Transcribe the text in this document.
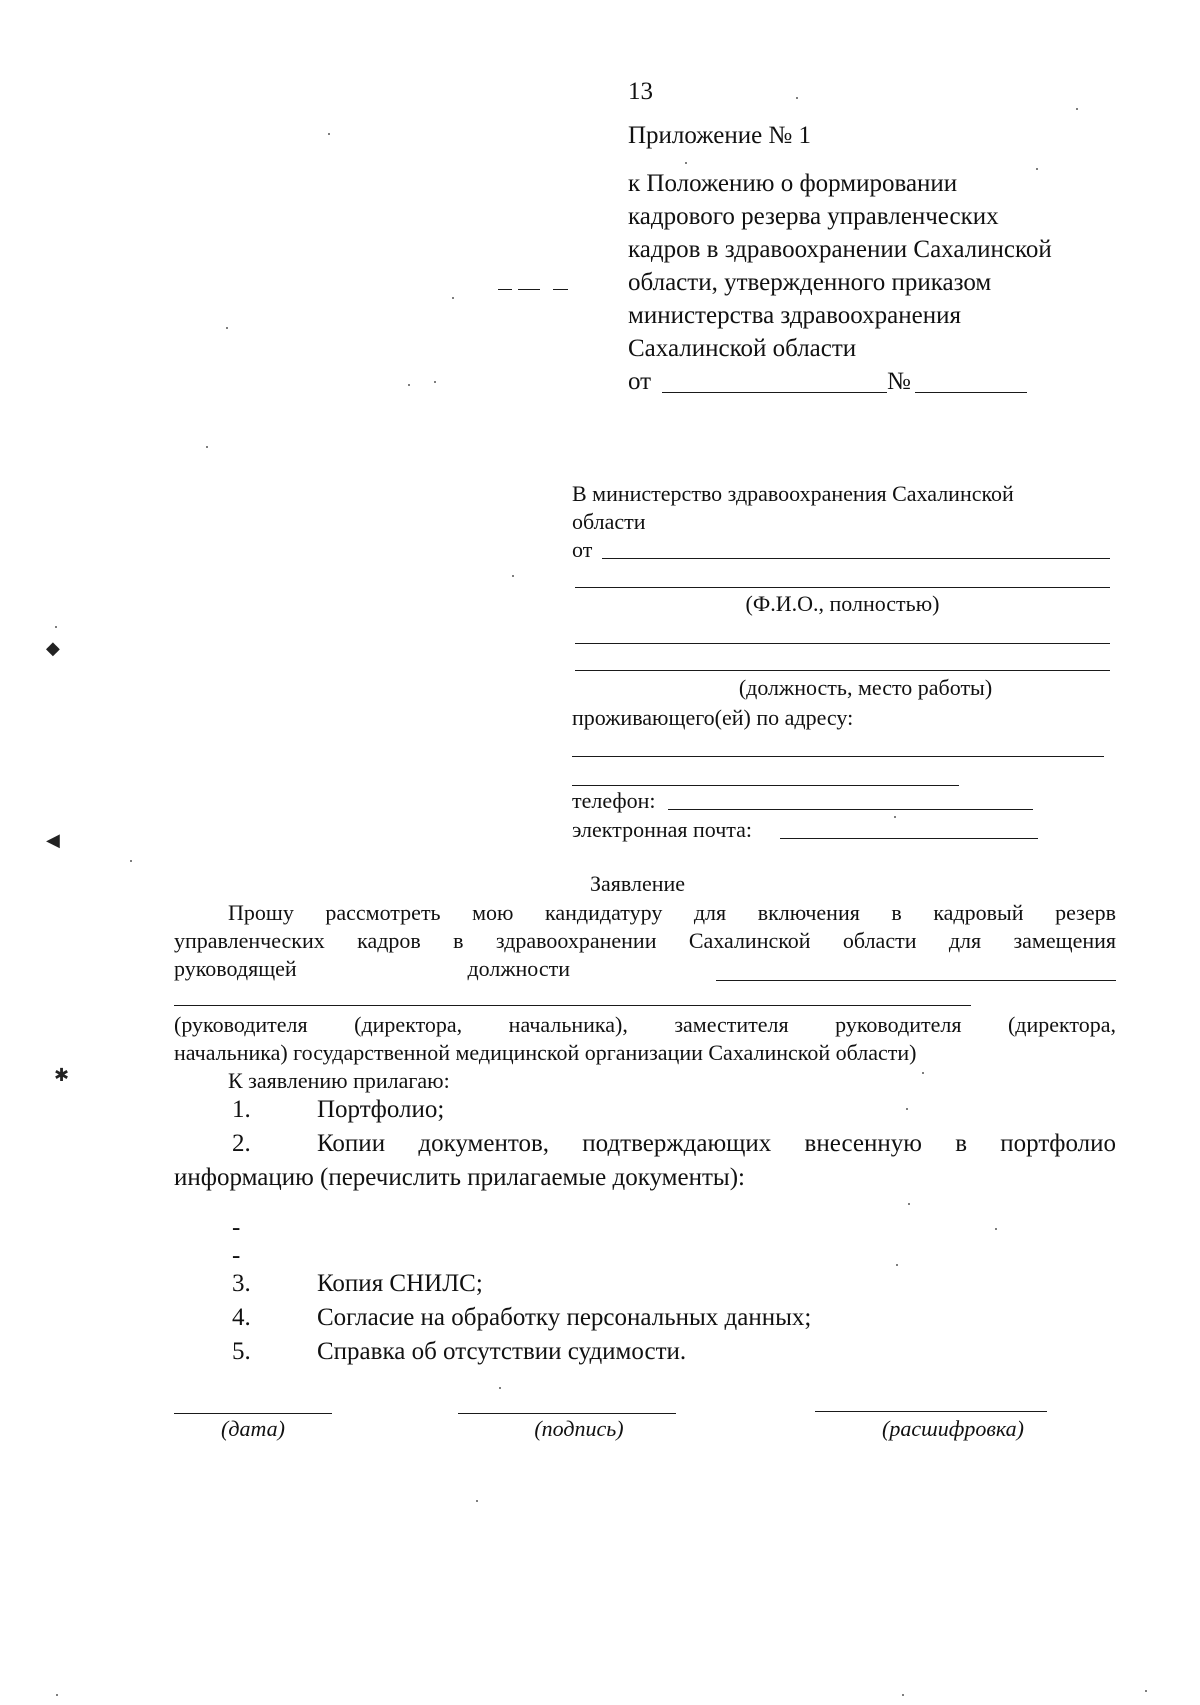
13
Приложение № 1
к Положению о формировании
кадрового резерва управленческих
кадров в здравоохранении Сахалинской
области, утвержденного приказом
министерства здравоохранения
Сахалинской области
от	№
В министерство здравоохранения Сахалинской
области
от
(Ф.И.О., полностью)
(должность, место работы)
проживающего(ей) по адресу:
телефон:
электронная почта:
Заявление
Прошу рассмотреть мою кандидатуру для включения в кадровый резерв
управленческих кадров в здравоохранении Сахалинской области для замещения
руководящей должности
(руководителя (директора, начальника), заместителя руководителя (директора,
начальника) государственной медицинской организации Сахалинской области)
К заявлению прилагаю:
1.	Портфолио;
2.	Копии документов, подтверждающих внесенную в портфолио
информацию (перечислить прилагаемые документы):
-
-
3.	Копия СНИЛС;
4.	Согласие на обработку персональных данных;
5.	Справка об отсутствии судимости.
(дата)	(подпись)	(расшифровка)
◆
◀
✱
